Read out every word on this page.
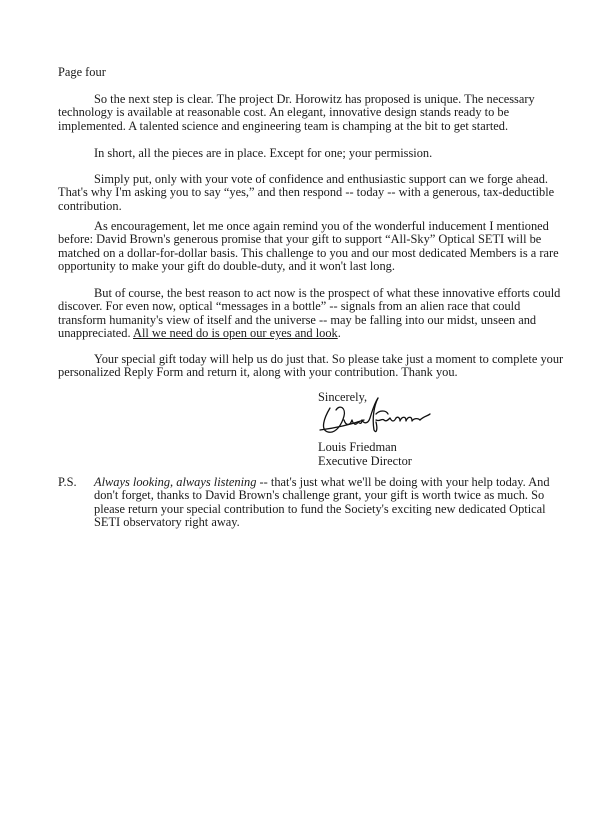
Page four
So the next step is clear. The project Dr. Horowitz has proposed is unique. The necessary
technology is available at reasonable cost. An elegant, innovative design stands ready to be
implemented. A talented science and engineering team is champing at the bit to get started.
In short, all the pieces are in place. Except for one; your permission.
Simply put, only with your vote of confidence and enthusiastic support can we forge ahead.
That's why I'm asking you to say “yes,” and then respond -- today -- with a generous, tax-deductible
contribution.
As encouragement, let me once again remind you of the wonderful inducement I mentioned
before: David Brown's generous promise that your gift to support “All-Sky” Optical SETI will be
matched on a dollar-for-dollar basis. This challenge to you and our most dedicated Members is a rare
opportunity to make your gift do double-duty, and it won't last long.
But of course, the best reason to act now is the prospect of what these innovative efforts could
discover. For even now, optical “messages in a bottle” -- signals from an alien race that could
transform humanity's view of itself and the universe -- may be falling into our midst, unseen and
unappreciated. All we need do is open our eyes and look.
Your special gift today will help us do just that. So please take just a moment to complete your
personalized Reply Form and return it, along with your contribution. Thank you.
Sincerely,
Louis Friedman
Executive Director
P.S. Always looking, always listening -- that's just what we'll be doing with your help today. And
don't forget, thanks to David Brown's challenge grant, your gift is worth twice as much. So
please return your special contribution to fund the Society's exciting new dedicated Optical
SETI observatory right away.
